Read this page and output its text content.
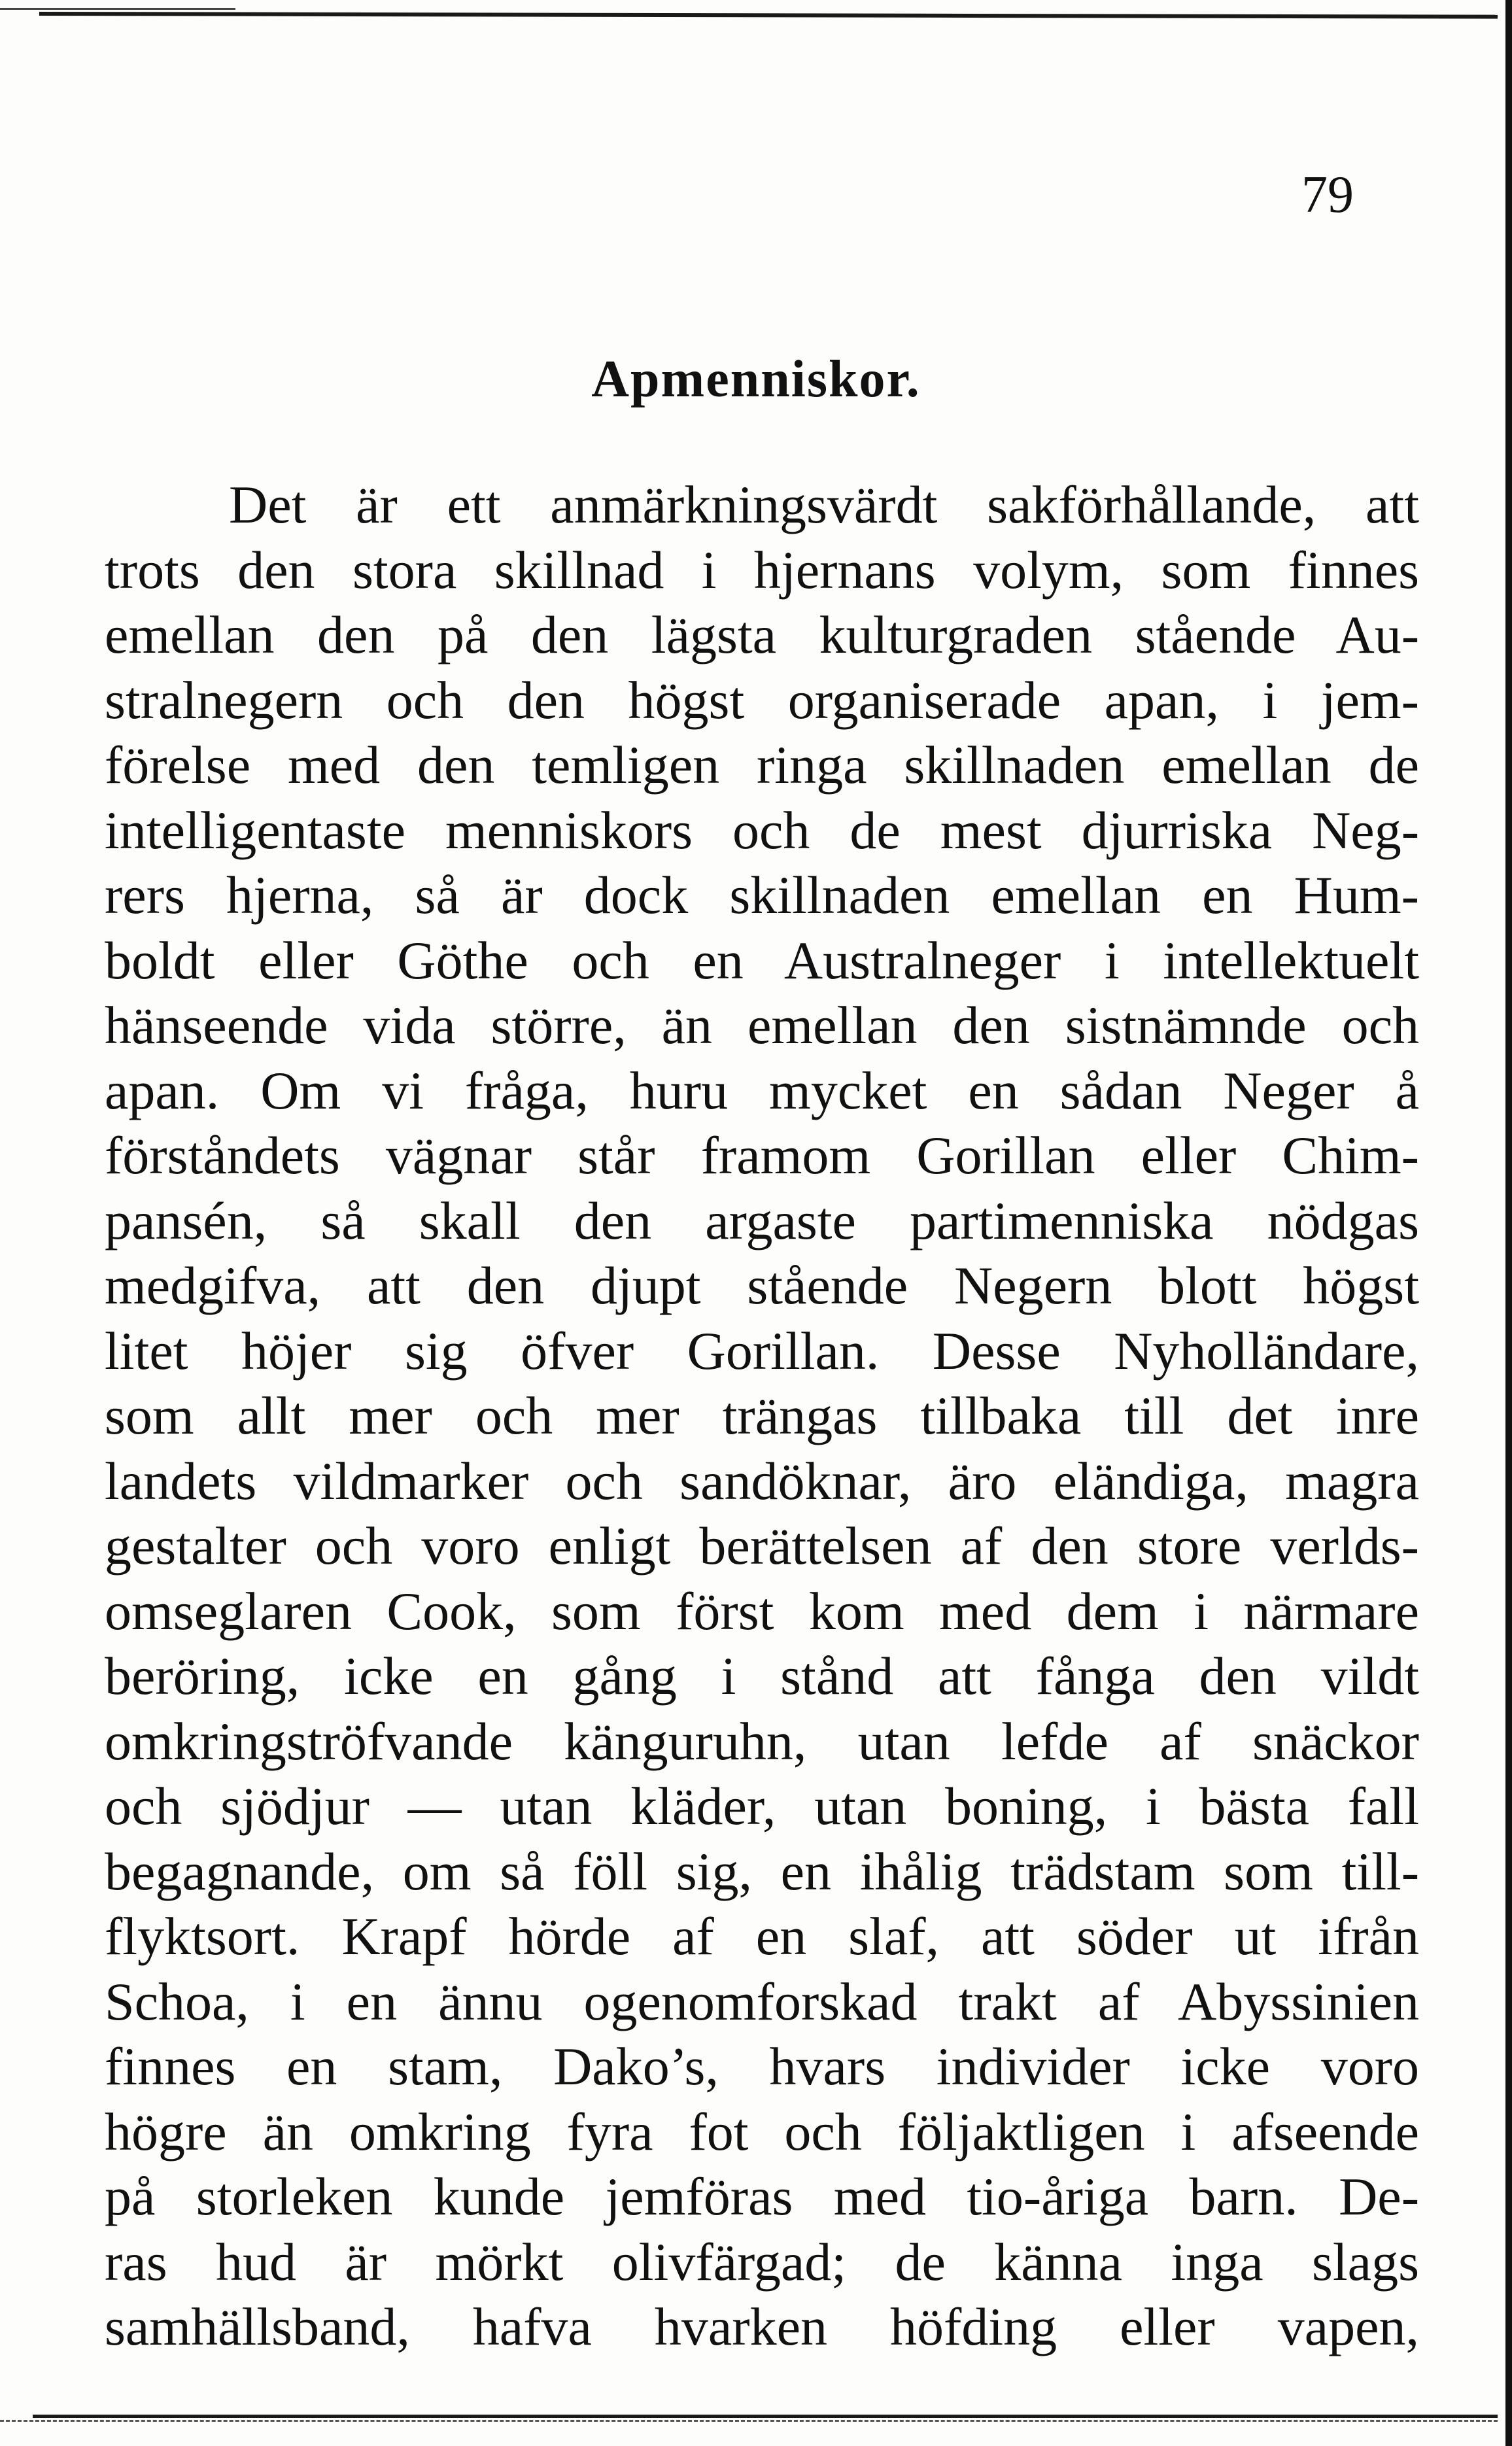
79
Apmenniskor.
Det är ett anmärkningsvärdt sakförhållande, att
trots den stora skillnad i hjernans volym, som finnes
emellan den på den lägsta kulturgraden stående Au-
stralnegern och den högst organiserade apan, i jem-
förelse med den temligen ringa skillnaden emellan de
intelligentaste menniskors och de mest djurriska Neg-
rers hjerna, så är dock skillnaden emellan en Hum-
boldt eller Göthe och en Australneger i intellektuelt
hänseende vida större, än emellan den sistnämnde och
apan. Om vi fråga, huru mycket en sådan Neger å
förståndets vägnar står framom Gorillan eller Chim-
pansén, så skall den argaste partimenniska nödgas
medgifva, att den djupt stående Negern blott högst
litet höjer sig öfver Gorillan. Desse Nyholländare,
som allt mer och mer trängas tillbaka till det inre
landets vildmarker och sandöknar, äro eländiga, magra
gestalter och voro enligt berättelsen af den store verlds-
omseglaren Cook, som först kom med dem i närmare
beröring, icke en gång i stånd att fånga den vildt
omkringströfvande känguruhn, utan lefde af snäckor
och sjödjur — utan kläder, utan boning, i bästa fall
begagnande, om så föll sig, en ihålig trädstam som till-
flyktsort. Krapf hörde af en slaf, att söder ut ifrån
Schoa, i en ännu ogenomforskad trakt af Abyssinien
finnes en stam, Dako’s, hvars individer icke voro
högre än omkring fyra fot och följaktligen i afseende
på storleken kunde jemföras med tio-åriga barn. De-
ras hud är mörkt olivfärgad; de känna inga slags
samhällsband, hafva hvarken höfding eller vapen,
